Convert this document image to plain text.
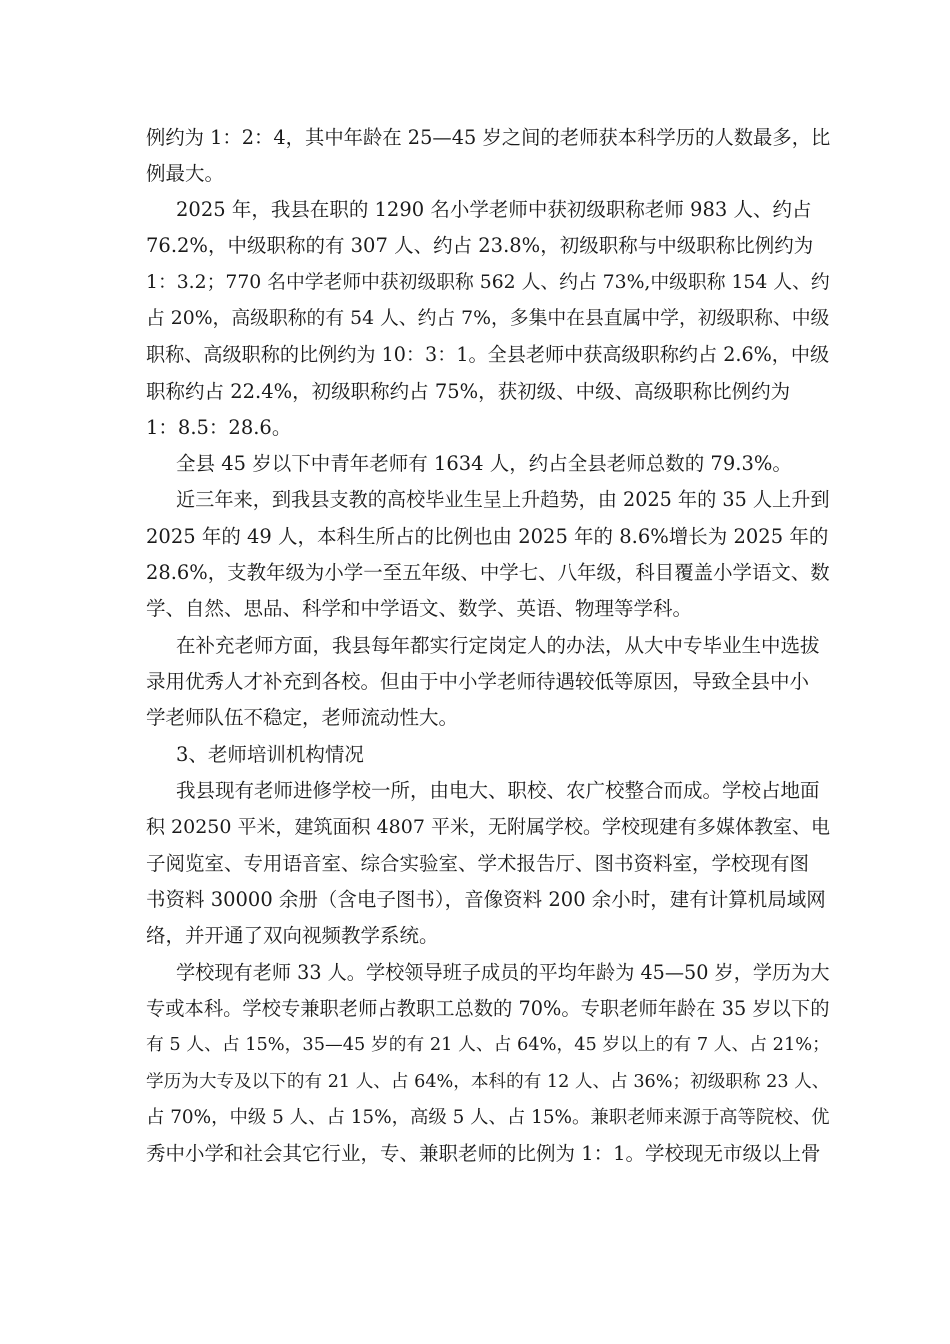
例约为 1：2：4，其中年龄在 25—45 岁之间的老师获本科学历的人数最多，比
例最大。
2025 年，我县在职的 1290 名小学老师中获初级职称老师 983 人、约占
76.2%，中级职称的有 307 人、约占 23.8%，初级职称与中级职称比例约为
1：3.2；770 名中学老师中获初级职称 562 人、约占 73%,中级职称 154 人、约
占 20%，高级职称的有 54 人、约占 7%，多集中在县直属中学，初级职称、中级
职称、高级职称的比例约为 10：3：1。全县老师中获高级职称约占 2.6%，中级
职称约占 22.4%，初级职称约占 75%，获初级、中级、高级职称比例约为
1：8.5：28.6。
全县 45 岁以下中青年老师有 1634 人，约占全县老师总数的 79.3%。
近三年来，到我县支教的高校毕业生呈上升趋势，由 2025 年的 35 人上升到
2025 年的 49 人，本科生所占的比例也由 2025 年的 8.6%增长为 2025 年的
28.6%，支教年级为小学一至五年级、中学七、八年级，科目覆盖小学语文、数
学、自然、思品、科学和中学语文、数学、英语、物理等学科。
在补充老师方面，我县每年都实行定岗定人的办法，从大中专毕业生中选拔
录用优秀人才补充到各校。但由于中小学老师待遇较低等原因，导致全县中小
学老师队伍不稳定，老师流动性大。
3、老师培训机构情况
我县现有老师进修学校一所，由电大、职校、农广校整合而成。学校占地面
积 20250 平米，建筑面积 4807 平米，无附属学校。学校现建有多媒体教室、电
子阅览室、专用语音室、综合实验室、学术报告厅、图书资料室，学校现有图
书资料 30000 余册（含电子图书），音像资料 200 余小时，建有计算机局域网
络，并开通了双向视频教学系统。
学校现有老师 33 人。学校领导班子成员的平均年龄为 45—50 岁，学历为大
专或本科。学校专兼职老师占教职工总数的 70%。专职老师年龄在 35 岁以下的
有 5 人、占 15%，35—45 岁的有 21 人、占 64%，45 岁以上的有 7 人、占 21%；
学历为大专及以下的有 21 人、占 64%，本科的有 12 人、占 36%；初级职称 23 人、
占 70%，中级 5 人、占 15%，高级 5 人、占 15%。兼职老师来源于高等院校、优
秀中小学和社会其它行业，专、兼职老师的比例为 1：1。学校现无市级以上骨
